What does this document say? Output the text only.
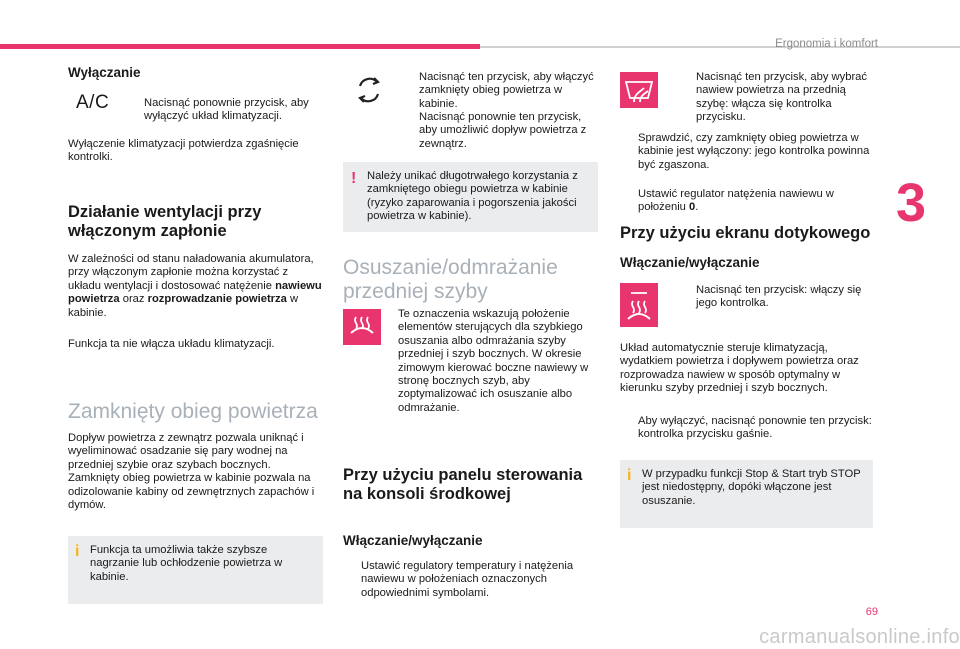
Ergonomia i komfort
3
Wyłączanie
A/C	Nacisnąć ponownie przycisk, aby wyłączyć układ klimatyzacji.
Wyłączenie klimatyzacji potwierdza zgaśnięcie kontrolki.
Działanie wentylacji przy włączonym zapłonie

W zależności od stanu naładowania akumulatora, przy włączonym zapłonie można korzystać z układu wentylacji i dostosować natężenie nawiewu powietrza oraz rozprowadzanie powietrza w kabinie.

Funkcja ta nie włącza układu klimatyzacji.
Zamknięty obieg powietrza

Dopływ powietrza z zewnątrz pozwala uniknąć i wyeliminować osadzanie się pary wodnej na przedniej szybie oraz szybach bocznych. Zamknięty obieg powietrza w kabinie pozwala na odizolowanie kabiny od zewnętrznych zapachów i dymów.

i Funkcja ta umożliwia także szybsze nagrzanie lub ochłodzenie powietrza w kabinie.
Nacisnąć ten przycisk, aby włączyć zamknięty obieg powietrza w kabinie.
Nacisnąć ponownie ten przycisk, aby umożliwić dopływ powietrza z zewnątrz.
! Należy unikać długotrwałego korzystania z zamkniętego obiegu powietrza w kabinie (ryzyko zaparowania i pogorszenia jakości powietrza w kabinie).
Osuszanie/odmrażanie przedniej szyby

Te oznaczenia wskazują położenie elementów sterujących dla szybkiego osuszania albo odmrażania szyby przedniej i szyb bocznych. W okresie zimowym kierować boczne nawiewy w stronę bocznych szyb, aby zoptymalizować ich osuszanie albo odmrażanie.

Przy użyciu panelu sterowania na konsoli środkowej
Włączanie/wyłączanie
Ustawić regulatory temperatury i natężenia nawiewu w położeniach oznaczonych odpowiednimi symbolami.
Nacisnąć ten przycisk, aby wybrać nawiew powietrza na przednią szybę: włącza się kontrolka przycisku.
Sprawdzić, czy zamknięty obieg powietrza w kabinie jest wyłączony: jego kontrolka powinna być zgaszona.
Ustawić regulator natężenia nawiewu w położeniu 0.
Przy użyciu ekranu dotykowego
Włączanie/wyłączanie
Nacisnąć ten przycisk: włączy się jego kontrolka.

Układ automatycznie steruje klimatyzacją, wydatkiem powietrza i dopływem powietrza oraz rozprowadza nawiew w sposób optymalny w kierunku szyby przedniej i szyb bocznych.

Aby wyłączyć, nacisnąć ponownie ten przycisk: kontrolka przycisku gaśnie.
i W przypadku funkcji Stop & Start tryb STOP jest niedostępny, dopóki włączone jest osuszanie.
69
carmanualsonline.info
